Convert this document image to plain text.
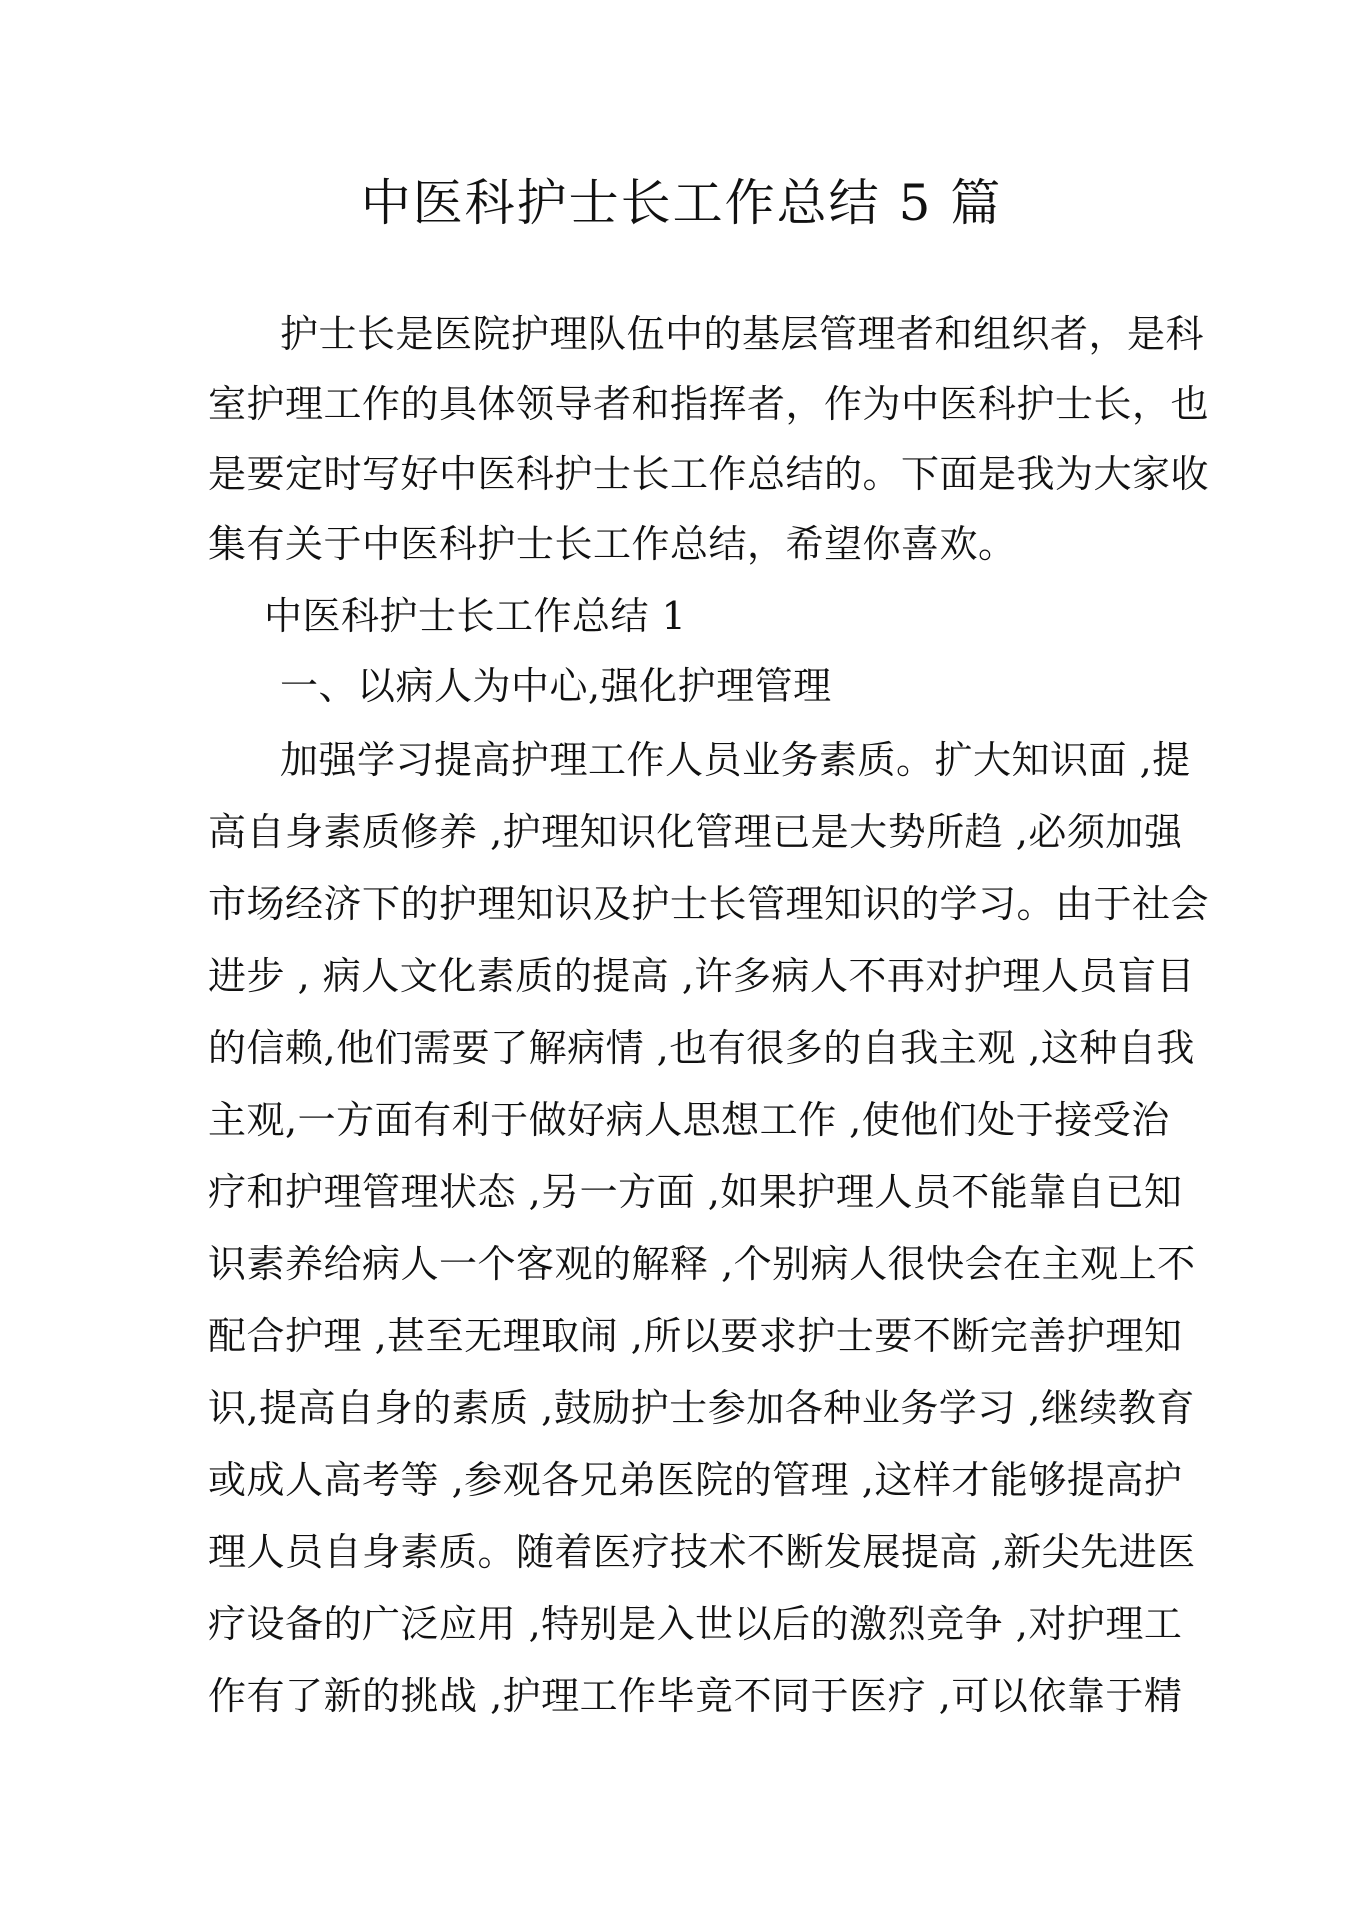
中医科护士长工作总结 5 篇
护士长是医院护理队伍中的基层管理者和组织者，是科
室护理工作的具体领导者和指挥者，作为中医科护士长，也
是要定时写好中医科护士长工作总结的。下面是我为大家收
集有关于中医科护士长工作总结，希望你喜欢。
中医科护士长工作总结 1
一、以病人为中心,强化护理管理
加强学习提高护理工作人员业务素质。扩大知识面 ,提
高自身素质修养 ,护理知识化管理已是大势所趋 ,必须加强
市场经济下的护理知识及护士长管理知识的学习。由于社会
进步 , 病人文化素质的提高 ,许多病人不再对护理人员盲目
的信赖,他们需要了解病情 ,也有很多的自我主观 ,这种自我
主观,一方面有利于做好病人思想工作 ,使他们处于接受治
疗和护理管理状态 ,另一方面 ,如果护理人员不能靠自已知
识素养给病人一个客观的解释 ,个别病人很快会在主观上不
配合护理 ,甚至无理取闹 ,所以要求护士要不断完善护理知
识,提高自身的素质 ,鼓励护士参加各种业务学习 ,继续教育
或成人高考等 ,参观各兄弟医院的管理 ,这样才能够提高护
理人员自身素质。随着医疗技术不断发展提高 ,新尖先进医
疗设备的广泛应用 ,特别是入世以后的激烈竞争 ,对护理工
作有了新的挑战 ,护理工作毕竟不同于医疗 ,可以依靠于精
